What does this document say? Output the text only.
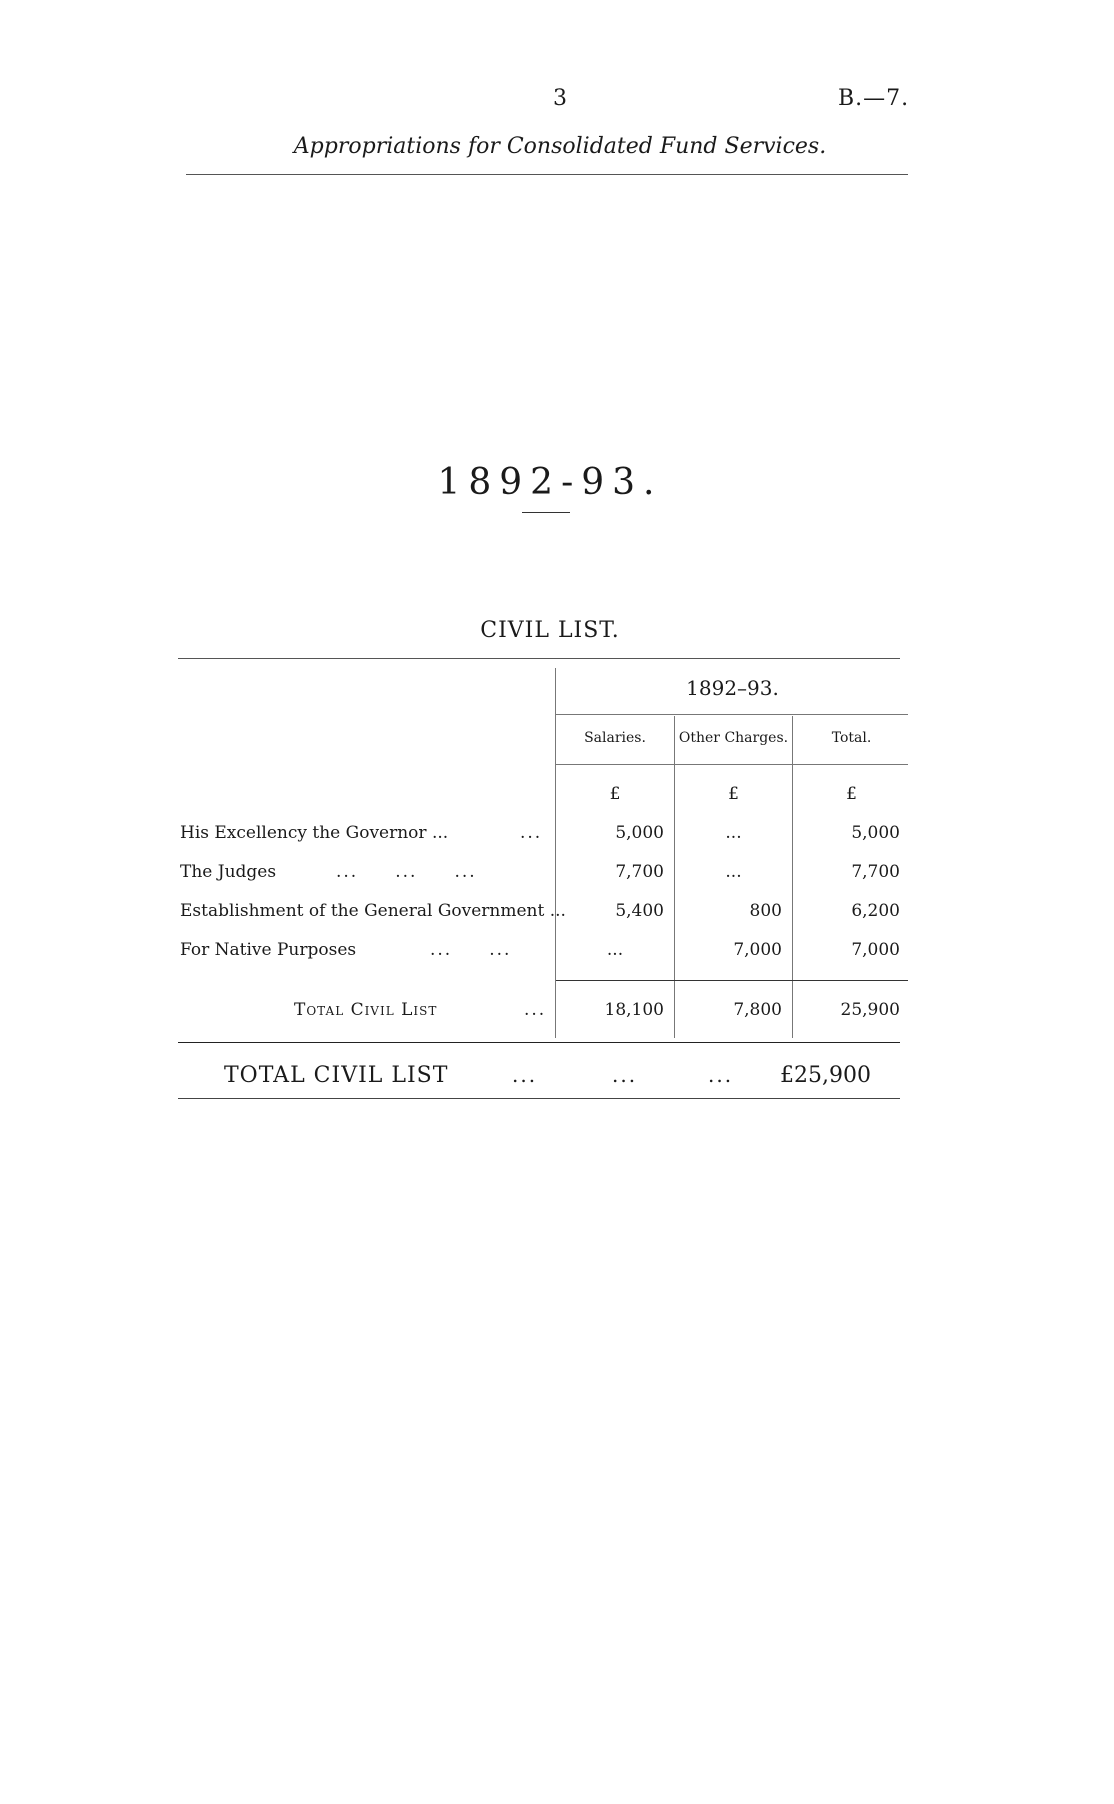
3	B.—7.
Appropriations for Consolidated Fund Services.
1892-93.
CIVIL LIST.
1892–93.
Salaries.	Other Charges.	Total.
£	£	£
His Excellency the Governor ...	...	5,000	...	5,000
The Judges	...     ...     ...	7,700	...	7,700
Establishment of the General Government ...	5,400	800	6,200
For Native Purposes	...     ...	...	7,000	7,000
Total Civil List	...	18,100	7,800	25,900
TOTAL CIVIL LIST	...	...	... £25,900
